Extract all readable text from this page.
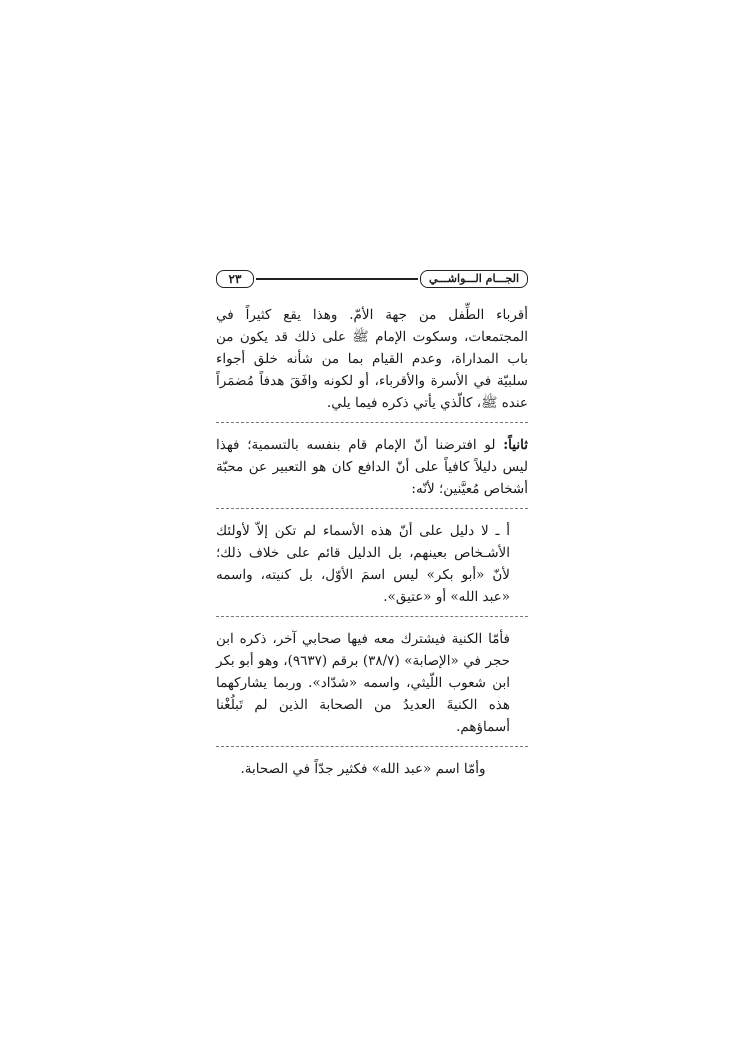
٢٣	الجـــام الـــواشـــي

أقرباء الطِّفل من جهة الأمّ. وهذا يقع كثيراً في المجتمعات، وسكوت الإمام ﷺ على ذلك قد يكون من باب المداراة، وعدم القيام بما من شأنه خلق أجواء سلبيّة في الأسرة والأقرباء، أو لكونه وافَقَ هدفاً مُضمَراً عنده ﷺ، كالّذي يأتي ذكره فيما يلي.

ثانياً: لو افترضنا أنّ الإمام قام بنفسه بالتسمية؛ فهذا ليس دليلاً كافياً على أنّ الدافع كان هو التعبير عن محبّة أشخاص مُعيَّنين؛ لأنّه:

أ ـ لا دليل على أنّ هذه الأسماء لم تكن إلاّ لأولئك الأشـخاص بعينهم، بل الدليل قائم على خلاف ذلك؛ لأنّ «أبو بكر» ليس اسمَ الأوّل، بل كنيته، واسمه «عبد الله» أو «عتيق».

فأمّا الكنية فيشترك معه فيها صحابي آخر، ذكره ابن حجر في «الإصابة» (٣٨/٧) برقم (٩٦٣٧)، وهو أبو بكر ابن شعوب اللّيثي، واسمه «شدّاد». وربما يشاركهما هذه الكنيةَ العديدُ من الصحابة الذين لم تَبلُغْنا أسماؤهم.

وأمّا اسم «عبد الله» فكثير جدّاً في الصحابة.
